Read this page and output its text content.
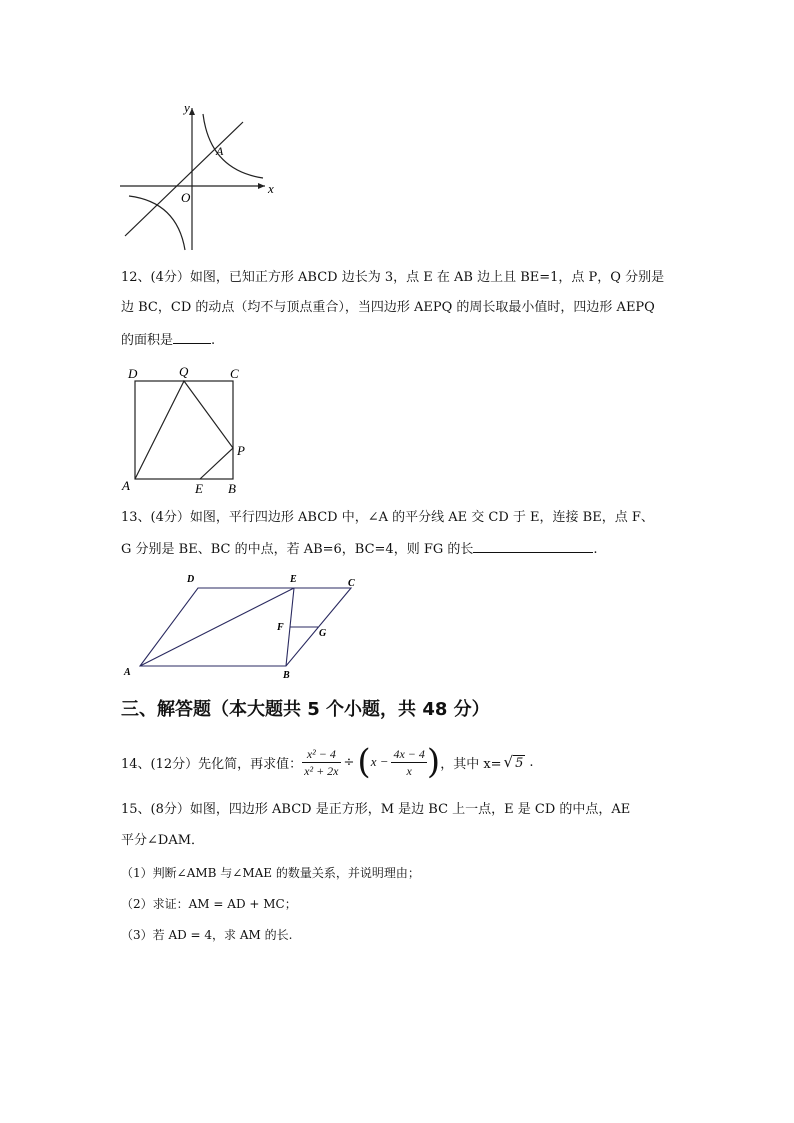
y
x
O
A
12、(4分）如图，已知正方形 ABCD 边长为 3，点 E 在 AB 边上且 BE=1，点 P，Q 分别是
边 BC，CD 的动点（均不与顶点重合），当四边形 AEPQ 的周长取最小值时，四边形 AEPQ
的面积是	.
D	Q	C
P
A	E B
13、(4分）如图，平行四边形 ABCD 中，∠A 的平分线 AE 交 CD 于 E，连接 BE，点 F、
G 分别是 BE、BC 的中点，若 AB=6，BC=4，则 FG 的长	.
D	E	C
F
G
A	B
三、解答题（本大题共 5 个小题，共 48 分）
14、(12分）先化简，再求值： $\frac{\text{x² − 4}}{\text{x² + 2x}}$ ÷ ( $x - \frac{4x - 4}{x}$ ) ，其中 x= √ 5 .
15、(8分）如图，四边形 ABCD 是正方形，M 是边 BC 上一点，E 是 CD 的中点，AE
平分∠DAM．
（1）判断∠AMB 与∠MAE 的数量关系，并说明理由；
（2）求证：AM = AD + MC；
（3）若 AD = 4，求 AM 的长.
